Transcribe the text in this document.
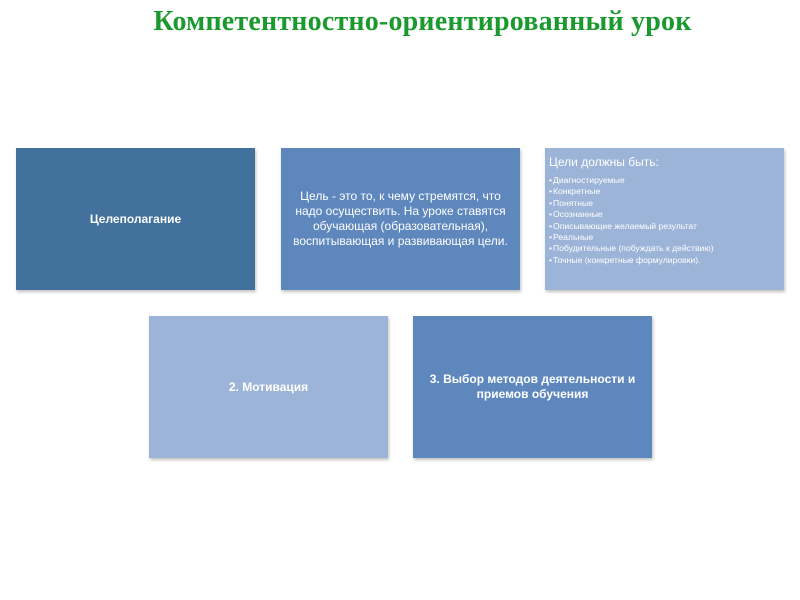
Компетентностно-ориентированный урок
Целеполагание
Цель - это то, к чему стремятся, что надо осуществить. На уроке ставятся обучающая (образовательная), воспитывающая и развивающая цели.
Цели должны быть:
• Диагностируемые
• Конкретные
• Понятные
• Осознанные
• Описывающие желаемый результат
• Реальные
• Побудительные (побуждать к действию)
• Точные (конкретные формулировки).
2. Мотивация
3. Выбор методов деятельности и приемов обучения
